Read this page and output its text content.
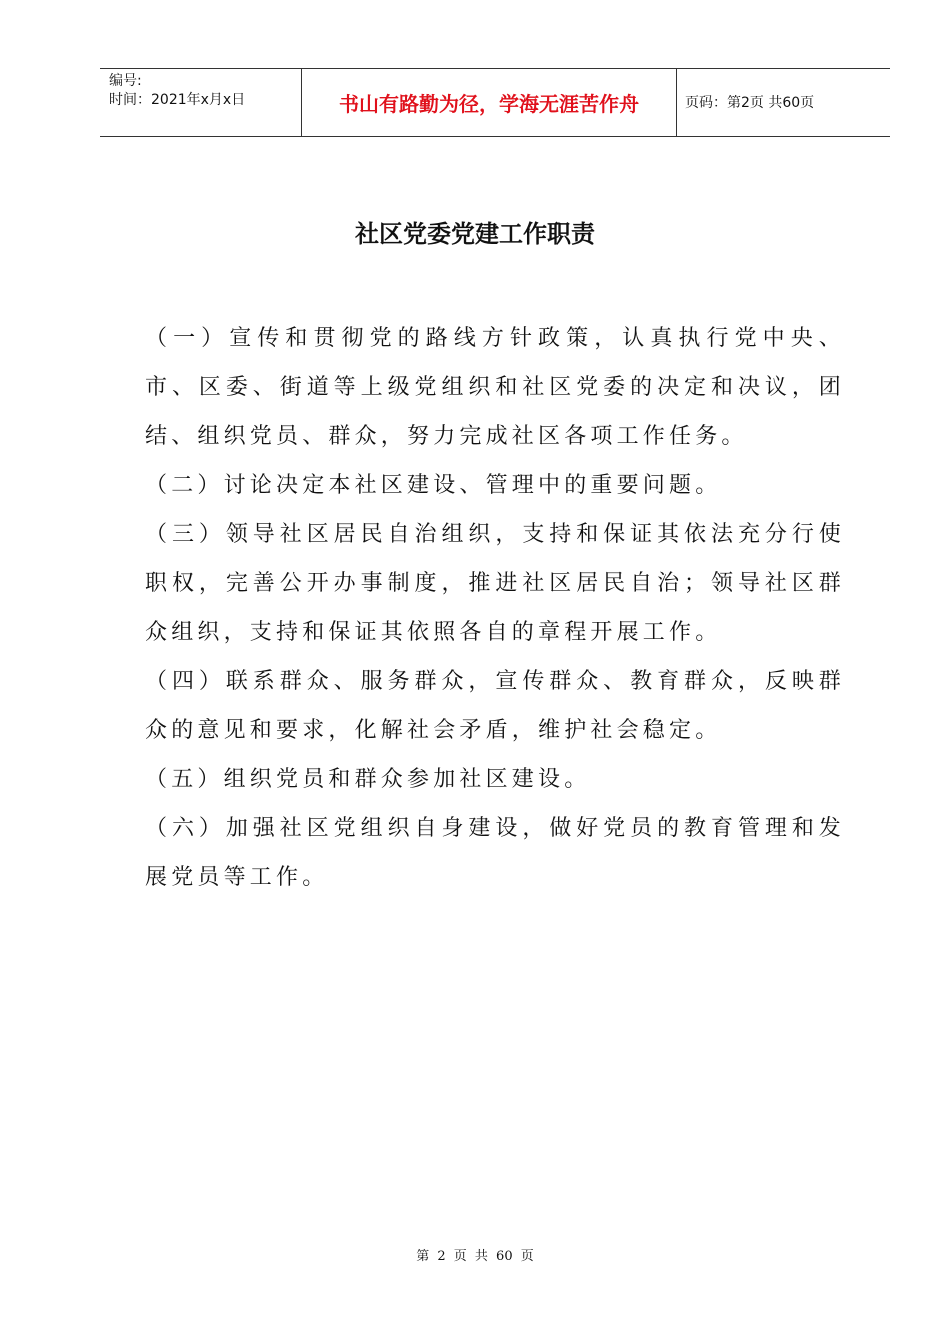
编号:
时间：2021年x月x日	书山有路勤为径，学海无涯苦作舟	页码：第2页 共60页
社区党委党建工作职责

（一）宣传和贯彻党的路线方针政策，认真执行党中央、市、区委、街道等上级党组织和社区党委的决定和决议，团结、组织党员、群众，努力完成社区各项工作任务。

（二）讨论决定本社区建设、管理中的重要问题。

（三）领导社区居民自治组织，支持和保证其依法充分行使职权，完善公开办事制度，推进社区居民自治；领导社区群众组织，支持和保证其依照各自的章程开展工作。

（四）联系群众、服务群众，宣传群众、教育群众，反映群众的意见和要求，化解社会矛盾，维护社会稳定。

（五）组织党员和群众参加社区建设。

（六）加强社区党组织自身建设，做好党员的教育管理和发展党员等工作。

第 2 页 共 60 页
